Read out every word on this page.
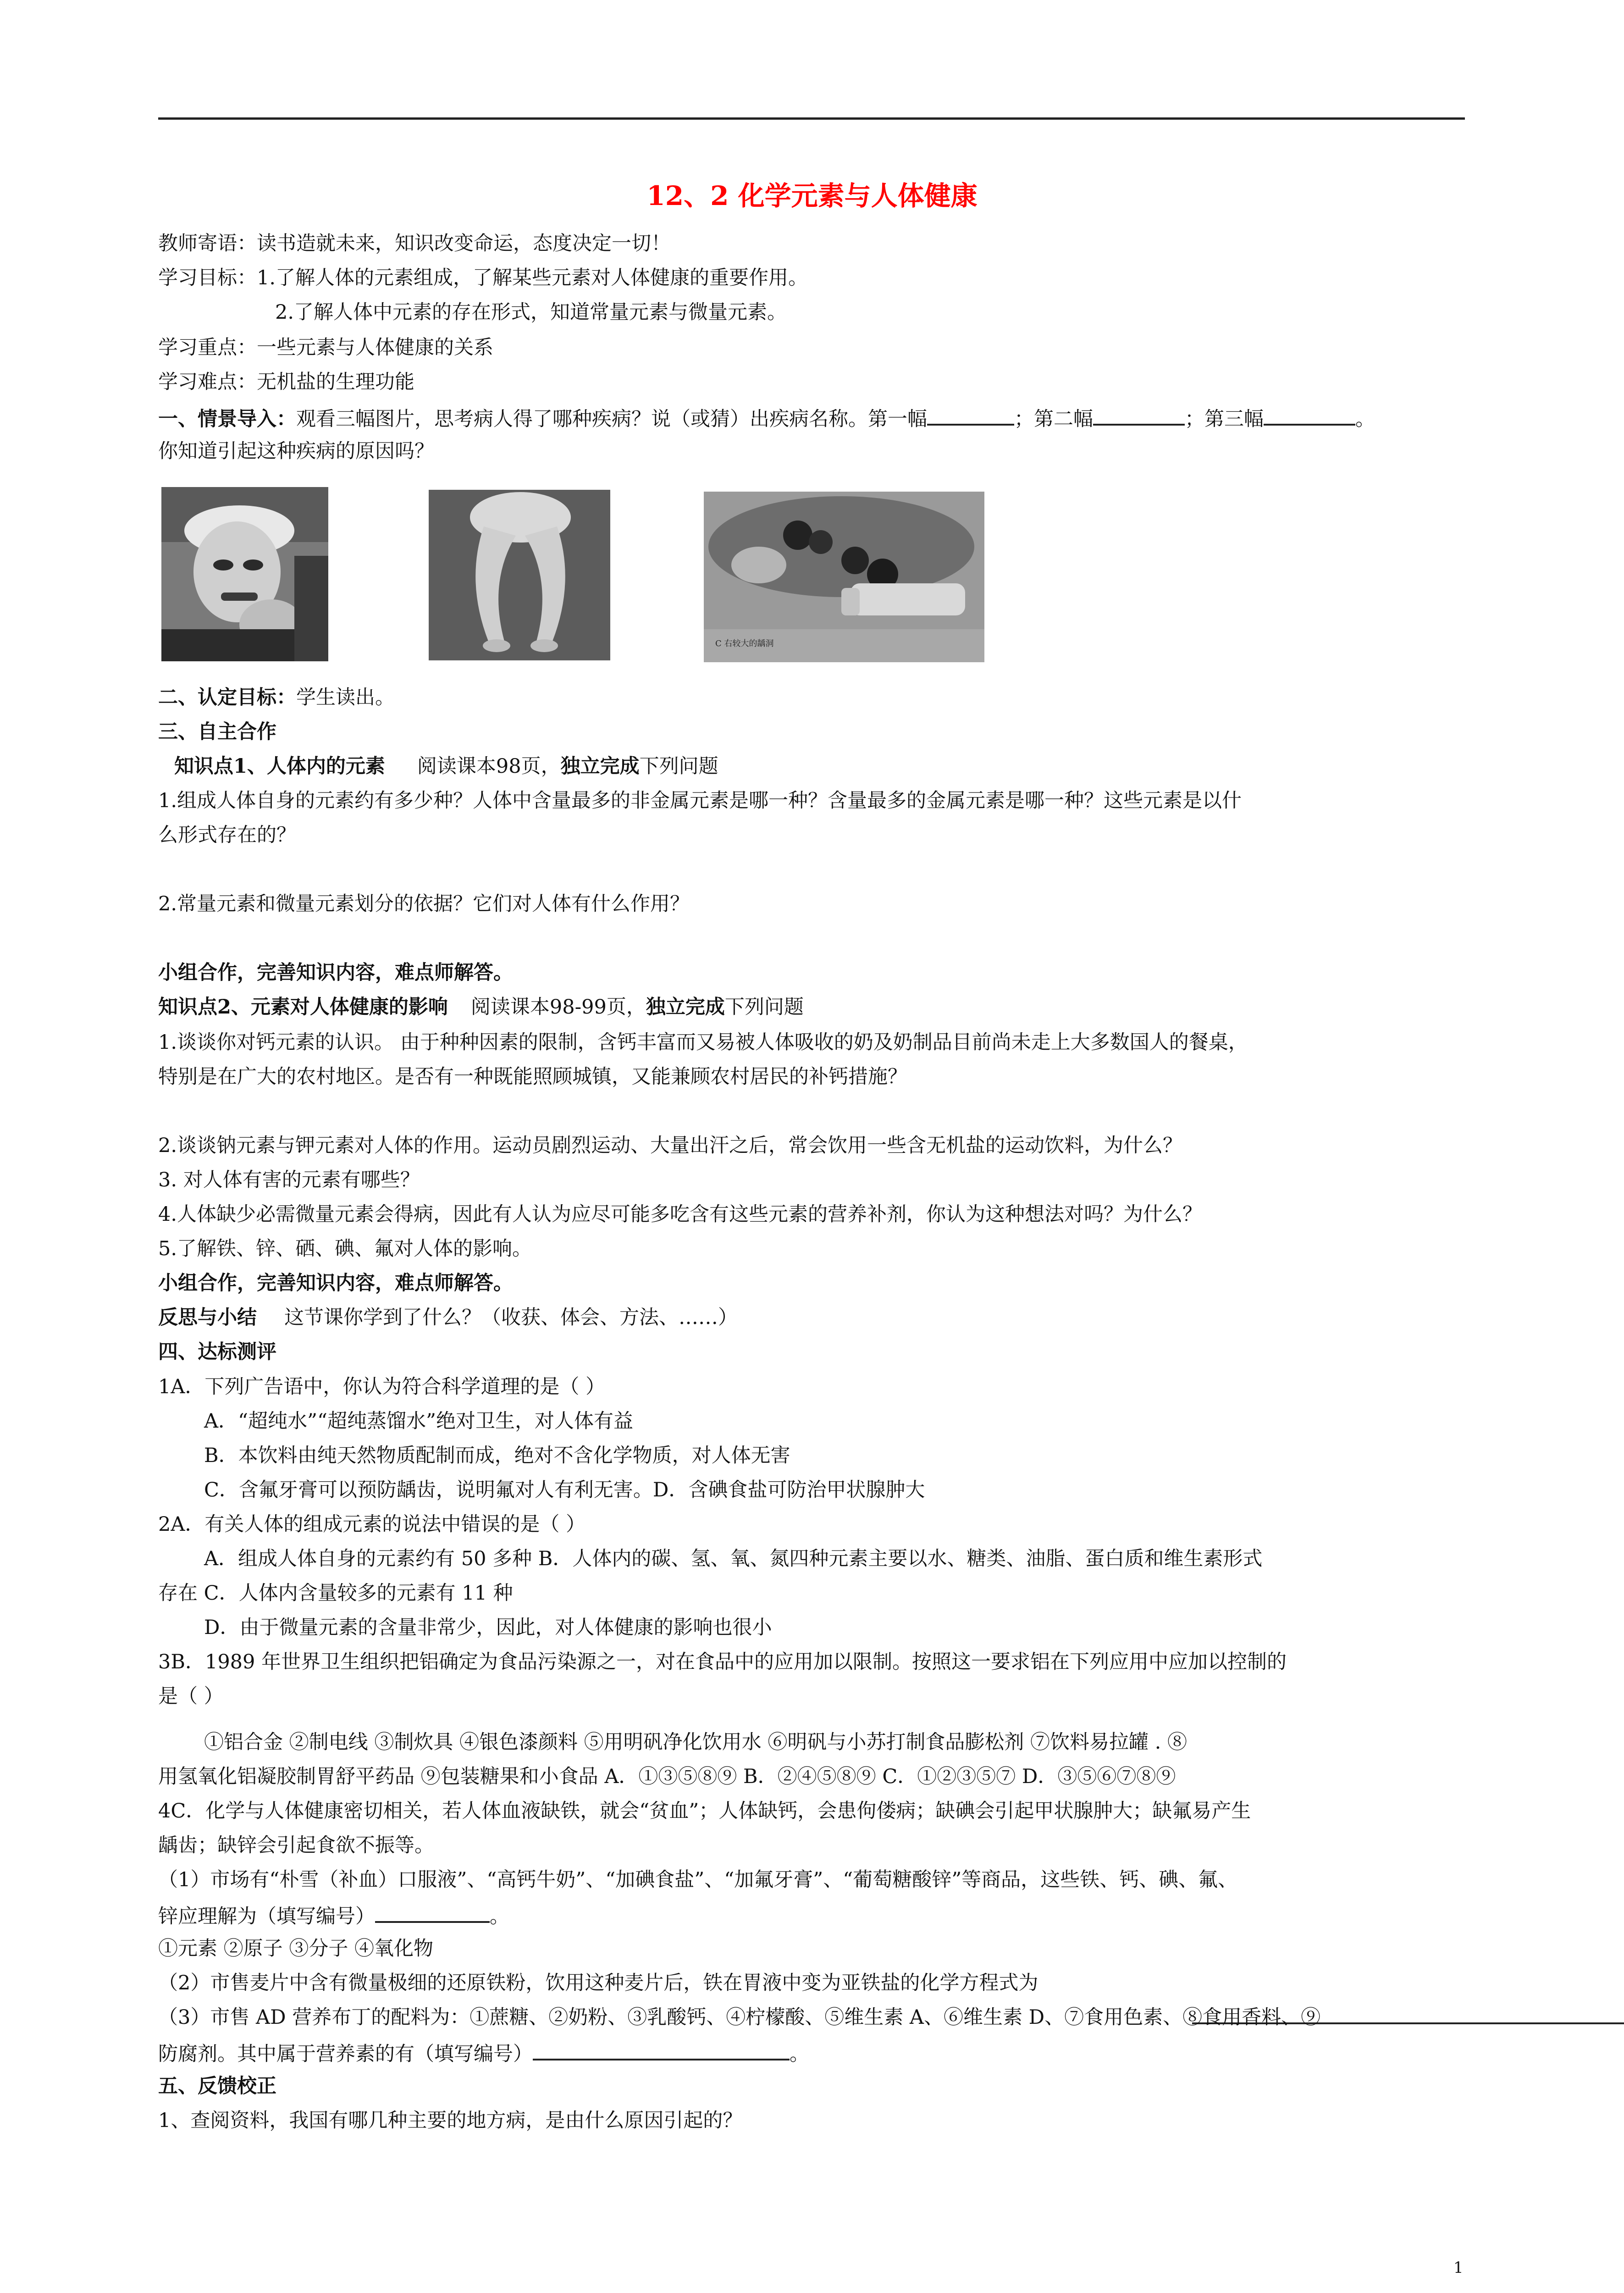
12、2 化学元素与人体健康
教师寄语：读书造就未来，知识改变命运，态度决定一切！
学习目标：1.了解人体的元素组成，了解某些元素对人体健康的重要作用。
2.了解人体中元素的存在形式，知道常量元素与微量元素。
学习重点：一些元素与人体健康的关系
学习难点：无机盐的生理功能
一、情景导入：观看三幅图片，思考病人得了哪种疾病？说（或猜）出疾病名称。第一幅	；第二幅	；第三幅	。
你知道引起这种疾病的原因吗？
C 右较大的龋洞
二、认定目标：学生读出。
三、自主合作
知识点1、人体内的元素 阅读课本98页，独立完成下列问题
1.组成人体自身的元素约有多少种？人体中含量最多的非金属元素是哪一种？含量最多的金属元素是哪一种？这些元素是以什
么形式存在的？
2.常量元素和微量元素划分的依据？它们对人体有什么作用？
小组合作，完善知识内容，难点师解答。
知识点2、元素对人体健康的影响 阅读课本98-99页，独立完成下列问题
1.谈谈你对钙元素的认识。 由于种种因素的限制，含钙丰富而又易被人体吸收的奶及奶制品目前尚未走上大多数国人的餐桌，
特别是在广大的农村地区。是否有一种既能照顾城镇，又能兼顾农村居民的补钙措施？
2.谈谈钠元素与钾元素对人体的作用。运动员剧烈运动、大量出汗之后，常会饮用一些含无机盐的运动饮料，为什么？
3. 对人体有害的元素有哪些？
4.人体缺少必需微量元素会得病，因此有人认为应尽可能多吃含有这些元素的营养补剂，你认为这种想法对吗？为什么？
5.了解铁、锌、硒、碘、氟对人体的影响。
小组合作，完善知识内容，难点师解答。
反思与小结 这节课你学到了什么？（收获、体会、方法、……）
四、达标测评
1A．下列广告语中，你认为符合科学道理的是（ ）
A．“超纯水”“超纯蒸馏水”绝对卫生，对人体有益
B．本饮料由纯天然物质配制而成，绝对不含化学物质，对人体无害
C．含氟牙膏可以预防龋齿，说明氟对人有利无害。D．含碘食盐可防治甲状腺肿大
2A．有关人体的组成元素的说法中错误的是（ ）
A．组成人体自身的元素约有 50 多种 B．人体内的碳、氢、氧、氮四种元素主要以水、糖类、油脂、蛋白质和维生素形式
存在 C．人体内含量较多的元素有 11 种
D．由于微量元素的含量非常少，因此，对人体健康的影响也很小
3B．1989 年世界卫生组织把铝确定为食品污染源之一，对在食品中的应用加以限制。按照这一要求铝在下列应用中应加以控制的
是（ ）
①铝合金 ②制电线 ③制炊具 ④银色漆颜料 ⑤用明矾净化饮用水 ⑥明矾与小苏打制食品膨松剂 ⑦饮料易拉罐 . ⑧
用氢氧化铝凝胶制胃舒平药品 ⑨包装糖果和小食品 A．①③⑤⑧⑨ B．②④⑤⑧⑨ C．①②③⑤⑦ D．③⑤⑥⑦⑧⑨
4C．化学与人体健康密切相关，若人体血液缺铁，就会“贫血”；人体缺钙，会患佝偻病；缺碘会引起甲状腺肿大；缺氟易产生
龋齿；缺锌会引起食欲不振等。
（1）市场有“朴雪（补血）口服液”、“高钙牛奶”、“加碘食盐”、“加氟牙膏”、“葡萄糖酸锌”等商品，这些铁、钙、碘、氟、
锌应理解为（填写编号）	。
①元素 ②原子 ③分子 ④氧化物
（2）市售麦片中含有微量极细的还原铁粉，饮用这种麦片后，铁在胃液中变为亚铁盐的化学方程式为
（3）市售 AD 营养布丁的配料为：①蔗糖、②奶粉、③乳酸钙、④柠檬酸、⑤维生素 A、⑥维生素 D、⑦食用色素、⑧食用香料、⑨
防腐剂。其中属于营养素的有（填写编号）	。
五、反馈校正
1、查阅资料，我国有哪几种主要的地方病，是由什么原因引起的？
1
